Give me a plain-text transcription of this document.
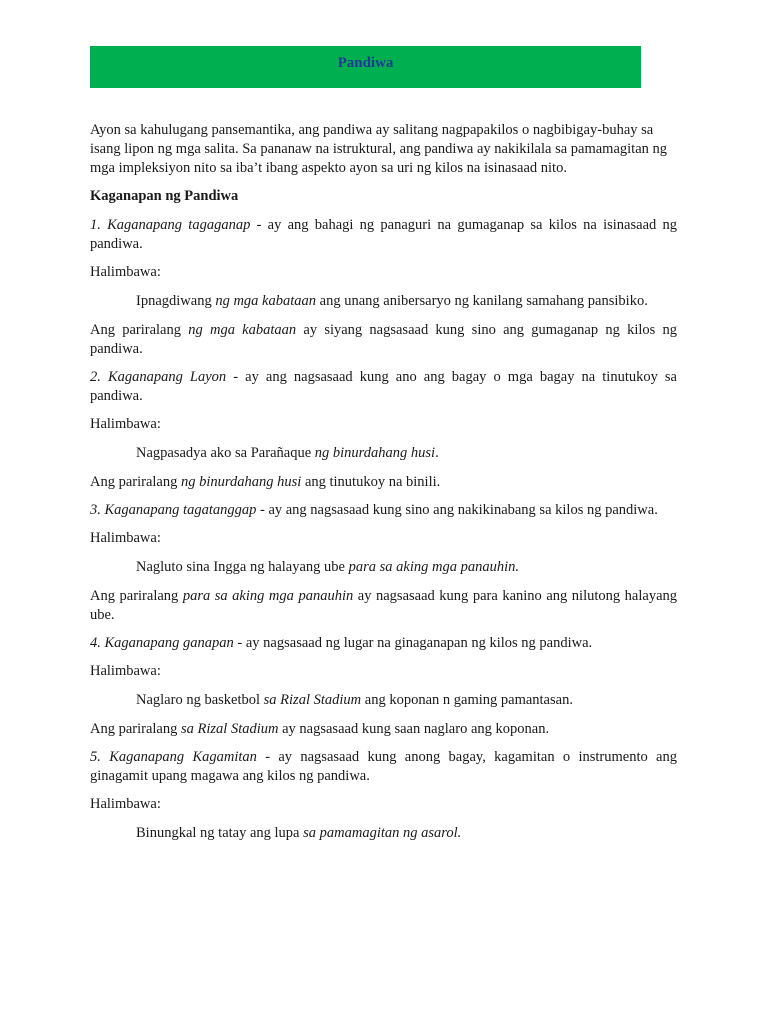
Pandiwa

Ayon sa kahulugang pansemantika, ang pandiwa ay salitang nagpapakilos o nagbibigay-buhay sa isang lipon ng mga salita. Sa pananaw na istruktural, ang pandiwa ay nakikilala sa pamamagitan ng mga impleksiyon nito sa iba’t ibang aspekto ayon sa uri ng kilos na isinasaad nito.

Kaganapan ng Pandiwa

1. Kaganapang tagaganap - ay ang bahagi ng panaguri na gumaganap sa kilos na isinasaad ng pandiwa.

Halimbawa:

Ipnagdiwang ng mga kabataan ang unang anibersaryo ng kanilang samahang pansibiko.

Ang pariralang ng mga kabataan ay siyang nagsasaad kung sino ang gumaganap ng kilos ng pandiwa.

2. Kaganapang Layon - ay ang nagsasaad kung ano ang bagay o mga bagay na tinutukoy sa pandiwa.

Halimbawa:

Nagpasadya ako sa Parañaque ng binurdahang husi.

Ang pariralang ng binurdahang husi ang tinutukoy na binili.

3. Kaganapang tagatanggap - ay ang nagsasaad kung sino ang nakikinabang sa kilos ng pandiwa.

Halimbawa:

Nagluto sina Ingga ng halayang ube para sa aking mga panauhin.

Ang pariralang para sa aking mga panauhin ay nagsasaad kung para kanino ang nilutong halayang ube.

4. Kaganapang ganapan - ay nagsasaad ng lugar na ginaganapan ng kilos ng pandiwa.

Halimbawa:

Naglaro ng basketbol sa Rizal Stadium ang koponan n gaming pamantasan.

Ang pariralang sa Rizal Stadium ay nagsasaad kung saan naglaro ang koponan.

5. Kaganapang Kagamitan - ay nagsasaad kung anong bagay, kagamitan o instrumento ang ginagamit upang magawa ang kilos ng pandiwa.

Halimbawa:

Binungkal ng tatay ang lupa sa pamamagitan ng asarol.
